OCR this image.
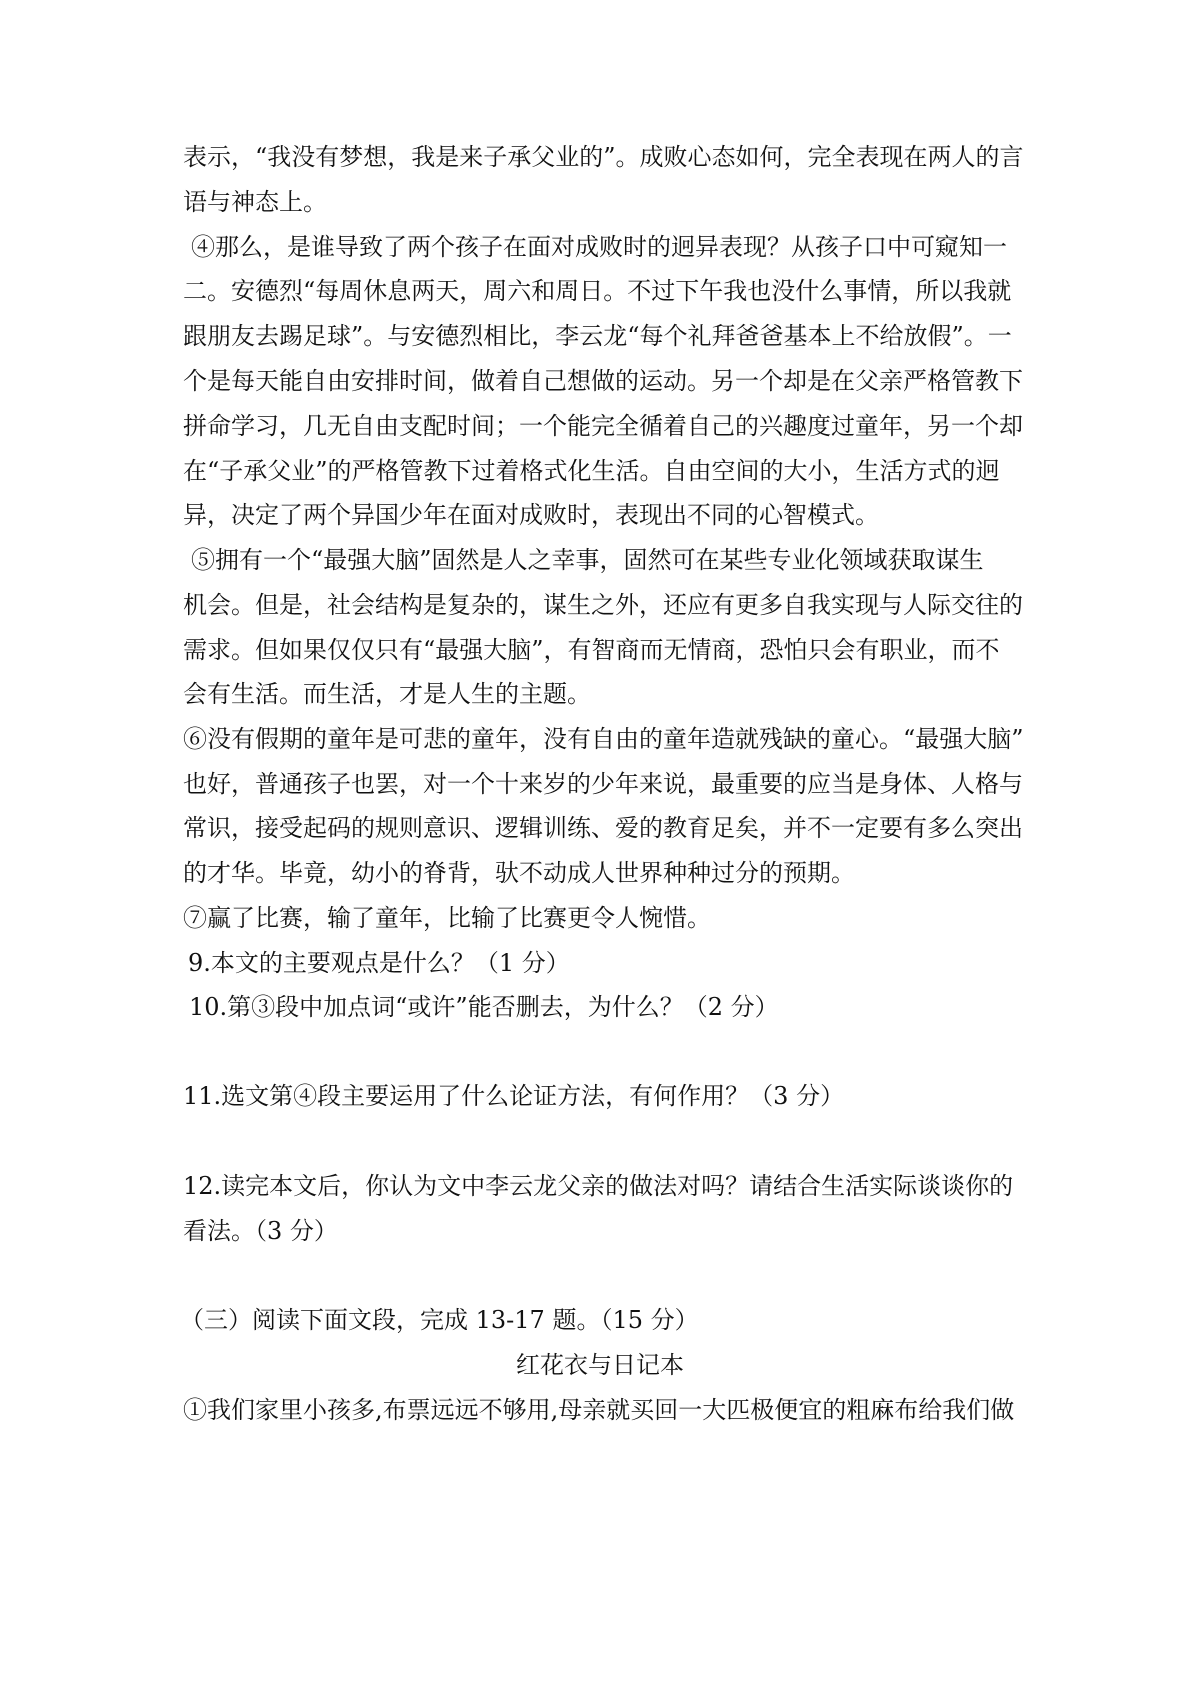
表示，“我没有梦想，我是来子承父业的”。成败心态如何，完全表现在两人的言
语与神态上。
④那么，是谁导致了两个孩子在面对成败时的迥异表现？从孩子口中可窥知一
二。安德烈“每周休息两天，周六和周日。不过下午我也没什么事情，所以我就
跟朋友去踢足球”。与安德烈相比，李云龙“每个礼拜爸爸基本上不给放假”。一
个是每天能自由安排时间，做着自己想做的运动。另一个却是在父亲严格管教下
拼命学习，几无自由支配时间；一个能完全循着自己的兴趣度过童年，另一个却
在“子承父业”的严格管教下过着格式化生活。自由空间的大小，生活方式的迥
异，决定了两个异国少年在面对成败时，表现出不同的心智模式。
⑤拥有一个“最强大脑”固然是人之幸事，固然可在某些专业化领域获取谋生
机会。但是，社会结构是复杂的，谋生之外，还应有更多自我实现与人际交往的
需求。但如果仅仅只有“最强大脑”，有智商而无情商，恐怕只会有职业，而不
会有生活。而生活，才是人生的主题。
⑥没有假期的童年是可悲的童年，没有自由的童年造就残缺的童心。“最强大脑”
也好，普通孩子也罢，对一个十来岁的少年来说，最重要的应当是身体、人格与
常识，接受起码的规则意识、逻辑训练、爱的教育足矣，并不一定要有多么突出
的才华。毕竟，幼小的脊背，驮不动成人世界种种过分的预期。
⑦赢了比赛，输了童年，比输了比赛更令人惋惜。
9.本文的主要观点是什么？（1 分）
10.第③段中加点词“或许”能否删去，为什么？（2 分）
11.选文第④段主要运用了什么论证方法，有何作用？（3 分）
12.读完本文后，你认为文中李云龙父亲的做法对吗？请结合生活实际谈谈你的
看法。（3 分）
（三）阅读下面文段，完成 13-17 题。（15 分）
红花衣与日记本
①我们家里小孩多,布票远远不够用,母亲就买回一大匹极便宜的粗麻布给我们做
